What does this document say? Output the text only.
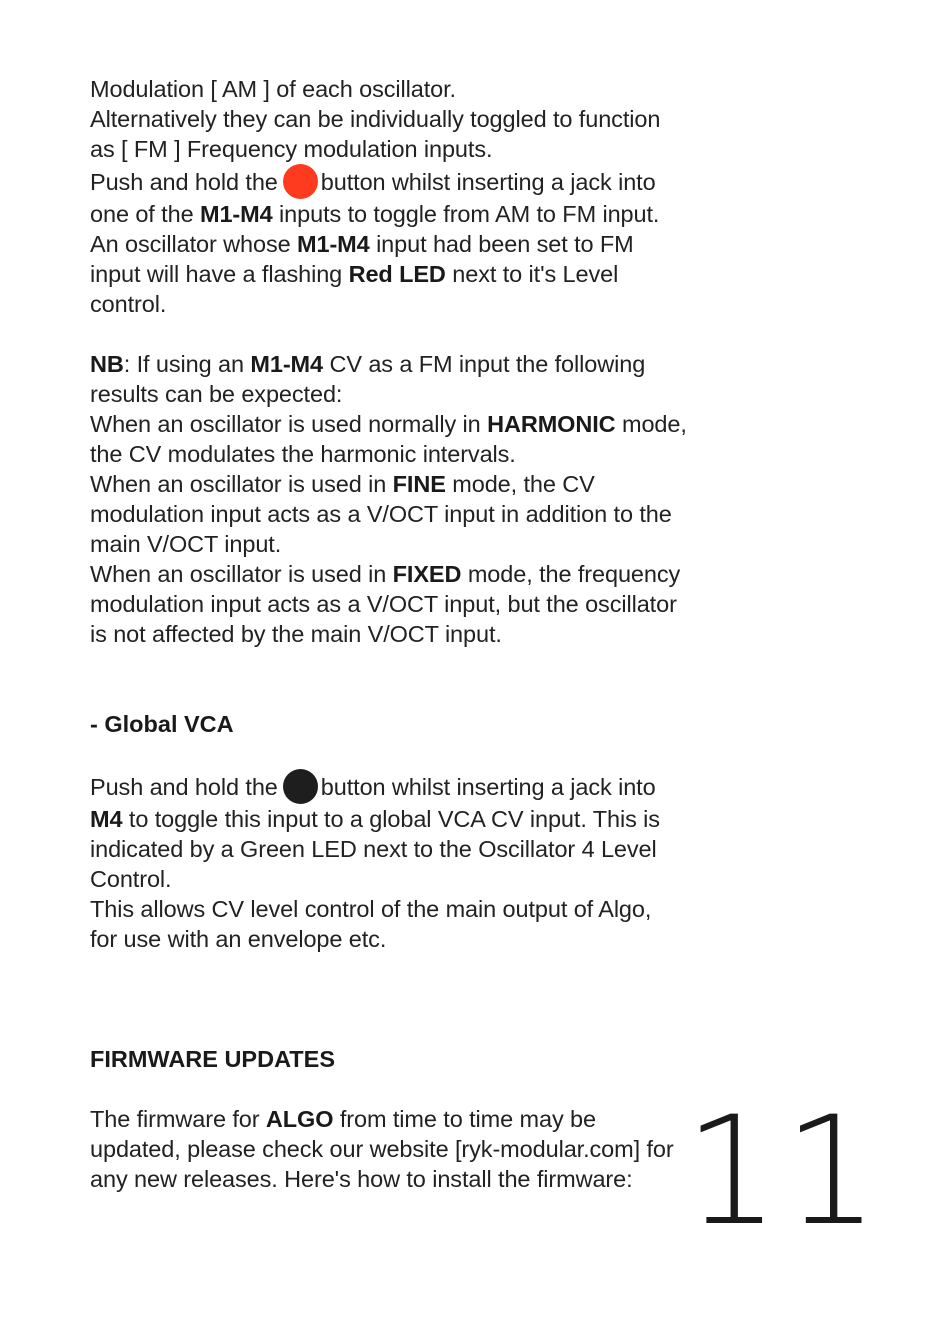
Modulation [ AM ] of each oscillator.

Alternatively they can be individually toggled to function

as [ FM ] Frequency modulation inputs.

Push and hold the button whilst inserting a jack into

one of the M1-M4 inputs to toggle from AM to FM input.

An oscillator whose M1-M4 input had been set to FM

input will have a flashing Red LED next to it's Level

control.

NB: If using an M1-M4 CV as a FM input the following

results can be expected:

When an oscillator is used normally in HARMONIC mode,

the CV modulates the harmonic intervals.

When an oscillator is used in FINE mode, the CV

modulation input acts as a V/OCT input in addition to the

main V/OCT input.

When an oscillator is used in FIXED mode, the frequency

modulation input acts as a V/OCT input, but the oscillator

is not affected by the main V/OCT input.

- Global VCA

Push and hold the button whilst inserting a jack into

M4 to toggle this input to a global VCA CV input. This is

indicated by a Green LED next to the Oscillator 4 Level

Control.

This allows CV level control of the main output of Algo,

for use with an envelope etc.

FIRMWARE UPDATES

The firmware for ALGO from time to time may be

updated, please check our website [ryk-modular.com] for

any new releases. Here's how to install the firmware: 11
